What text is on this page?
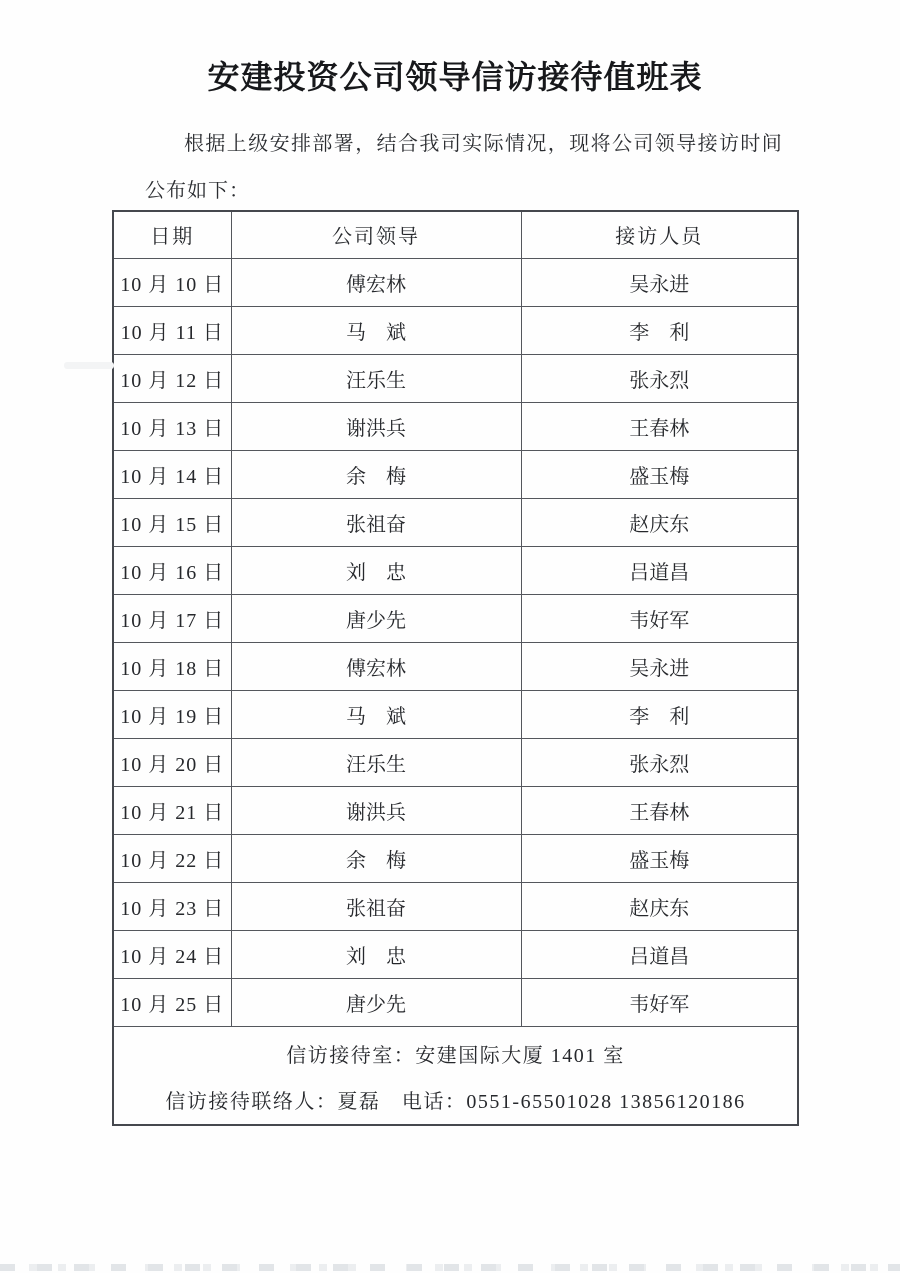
安建投资公司领导信访接待值班表
根据上级安排部署，结合我司实际情况，现将公司领导接访时间
公布如下：
日期	公司领导	接访人员
10 月 10 日	傅宏林	吴永进
10 月 11 日	马　斌	李　利
10 月 12 日	汪乐生	张永烈
10 月 13 日	谢洪兵	王春林
10 月 14 日	余　梅	盛玉梅
10 月 15 日	张祖奋	赵庆东
10 月 16 日	刘　忠	吕道昌
10 月 17 日	唐少先	韦好军
10 月 18 日	傅宏林	吴永进
10 月 19 日	马　斌	李　利
10 月 20 日	汪乐生	张永烈
10 月 21 日	谢洪兵	王春林
10 月 22 日	余　梅	盛玉梅
10 月 23 日	张祖奋	赵庆东
10 月 24 日	刘　忠	吕道昌
10 月 25 日	唐少先	韦好军

信访接待室：安建国际大厦 1401 室
信访接待联络人：夏磊　电话：0551-65501028 13856120186		
